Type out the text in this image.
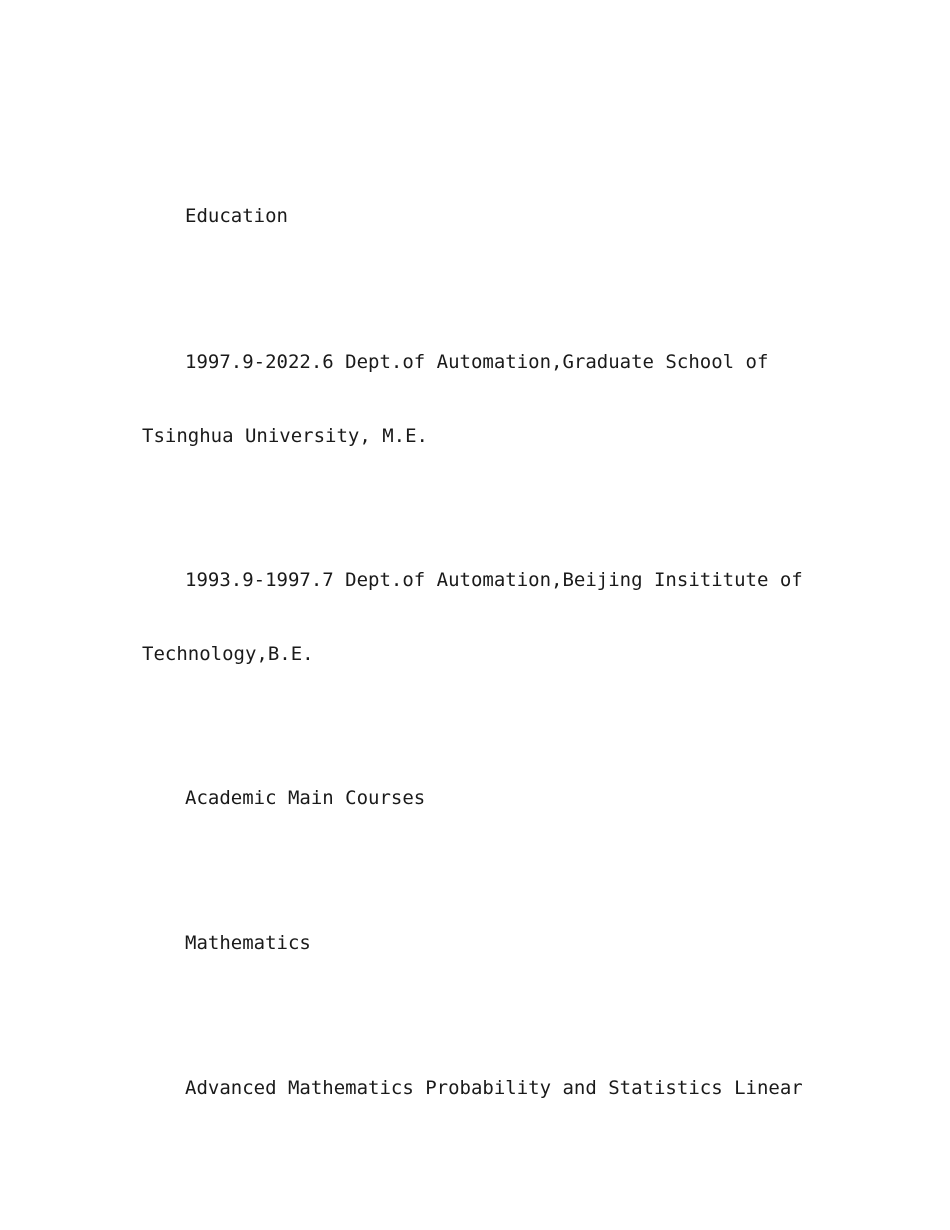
Education
1997.9-2022.6 Dept.of Automation,Graduate School of
Tsinghua University, M.E.
1993.9-1997.7 Dept.of Automation,Beijing Insititute of
Technology,B.E.
Academic Main Courses
Mathematics
Advanced Mathematics Probability and Statistics Linear
